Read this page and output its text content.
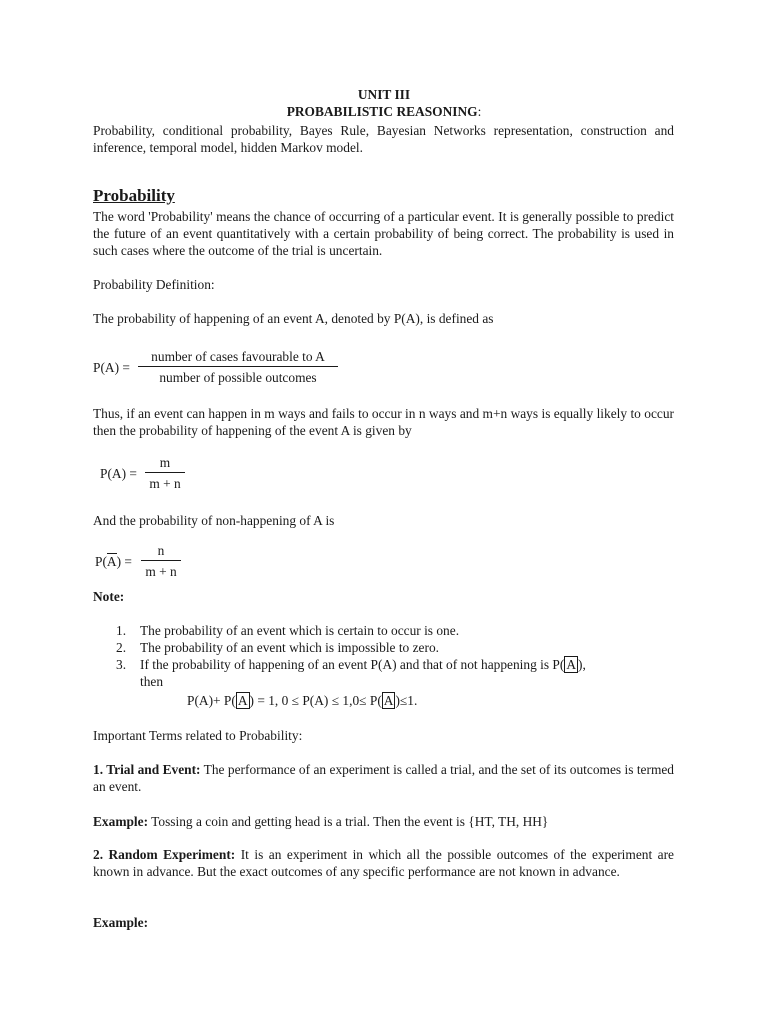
UNIT III
PROBABILISTIC REASONING:
Probability, conditional probability, Bayes Rule, Bayesian Networks representation, construction and inference, temporal model, hidden Markov model.
Probability
The word 'Probability' means the chance of occurring of a particular event. It is generally possible to predict the future of an event quantitatively with a certain probability of being correct. The probability is used in such cases where the outcome of the trial is uncertain.
Probability Definition:
The probability of happening of an event A, denoted by P(A), is defined as
P(A) =
number of cases favourable to A
number of possible outcomes
Thus, if an event can happen in m ways and fails to occur in n ways and m+n ways is equally likely to occur then the probability of happening of the event A is given by
P(A) =
m
m + n
And the probability of non-happening of A is
P(A) =
n
m + n
Note:
1. The probability of an event which is certain to occur is one.
2. The probability of an event which is impossible to zero.
3. If the probability of happening of an event P(A) and that of not happening is P( A ),
then
P(A)+ P( A ) = 1, 0 ≤ P(A) ≤ 1,0≤ P( A )≤1.
Important Terms related to Probability:
1. Trial and Event: The performance of an experiment is called a trial, and the set of its outcomes is termed an event.
Example: Tossing a coin and getting head is a trial. Then the event is {HT, TH, HH}
2. Random Experiment: It is an experiment in which all the possible outcomes of the experiment are known in advance. But the exact outcomes of any specific performance are not known in advance.
Example:
